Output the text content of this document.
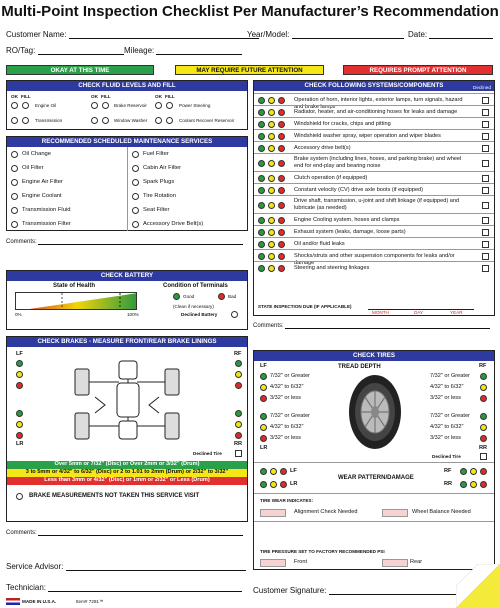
Multi-Point Inspection Checklist Per Manufacturer’s Recommendation
Customer Name:	Year/Model:	Date:
RO/Tag:	Mileage:
OKAY AT THIS TIME	MAY REQUIRE FUTURE ATTENTION	REQUIRES PROMPT ATTENTION
CHECK FLUID LEVELS AND FILL
OK FILL	OK FILL	OK FILL
Engine Oil	Brake Reservoir	Power Steering
Transmission	Window Washer	Coolant Recover Reservoir
RECOMMENDED SCHEDULED MAINTENANCE SERVICES
Oil Change
Oil Filter
Engine Air Filter
Engine Coolant
Transmission Fluid
Transmission Filter
Fuel Filter
Cabin Air Filter
Spark Plugs
Tire Rotation
Seat Filter
Accessory Drive Belt(s)
Comments:
CHECK BATTERY
State of Health
0%	100%
Condition of Terminals
Good	Bad
(Clean if necessary)
Declined Battery
CHECK BRAKES - MEASURE FRONT/REAR BRAKE LININGS
LF	RF
LR	RR
Declined Tire
Over 5mm or 7/32" (Disc) or Over 2mm or 3/32" (Drum)
3 to 5mm or 4/32" to 6/32" (Disc) or 2 to 1.01 to 2mm (Drum) or 2/32" to 3/32"
Less than 3mm or 4/32" (Disc) or 1mm or 2/32" or Less (Drum)
BRAKE MEASUREMENTS NOT TAKEN THIS SERVICE VISIT
Comments:
CHECK FOLLOWING SYSTEMS/COMPONENTS	Declined
Operation of horn, interior lights, exterior lamps, turn signals, hazard and brake lamps
Radiator, heater, and air-conditioning hoses for leaks and damage
Windshield for cracks, chips and pitting
Windshield washer spray, wiper operation and wiper blades
Accessory drive belt(s)
Brake system (including lines, hoses, and parking brake) and wheel end for end-play and bearing noise
Clutch operation (if equipped)
Constant velocity (CV) drive axle boots (if equipped)
Drive shaft, transmission, u-joint and shift linkage (if equipped) and lubricate (as needed)
Engine Cooling system, hoses and clamps
Exhaust system (leaks, damage, loose parts)
Oil and/or fluid leaks
Shocks/struts and other suspension components for leaks and/or damage
Steering and steering linkages
STATE INSPECTION DUE (IF APPLICABLE)
MONTH	DAY	YEAR
Comments:
CHECK TIRES
TREAD DEPTH
LF	RF
7/32" or Greater
4/32" to 6/32"
3/32" or less
7/32" or Greater
4/32" to 6/32"
3/32" or less
7/32" or Greater
4/32" to 6/32"
3/32" or less
7/32" or Greater
4/32" to 6/32"
3/32" or less
LR	RR
Declined Tire
LF
LR
WEAR PATTERN/DAMAGE
RF
RR
TIRE WEAR INDICATES:
Alignment Check Needed	Wheel Balance Needed
TIRE PRESSURE SET TO FACTORY RECOMMENDED PSI
Front	Rear
Service Advisor:
Technician:	Customer Signature:
MADE IN U.S.A.	Item# 7291™
